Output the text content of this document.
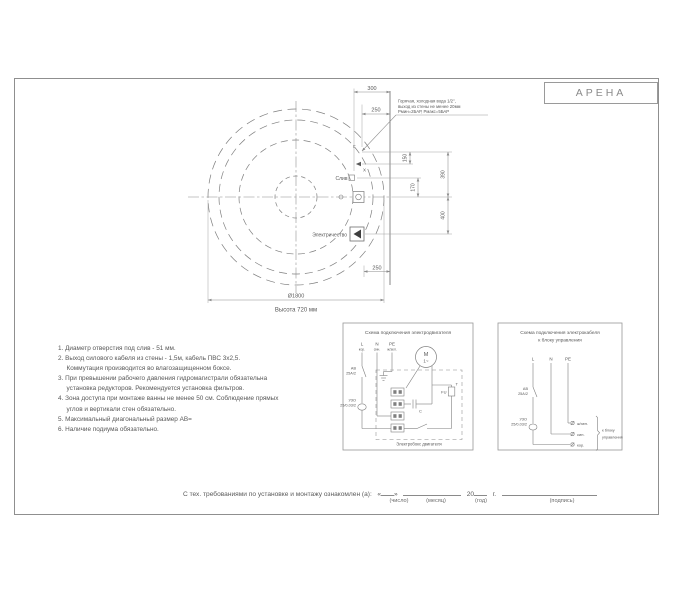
АРЕНА
300
250
150
170
390
400
250
Ø1800
Высота 720 мм
Горячая, холодная вода 1/2",
выход из стены не менее 20мм
Рмин=2БАР, Рмакс=5БАР
Г
Х
Слив
Электричество
Схема подключения электродвигателя
L	N PE
кор. син. ж/зел.
М
1~
АВ
25А/2
УЗО
25/0,03/2
С
FU
Т
Электробокс двигателя
Схема подключения электрокабеля
к блоку управления
L	N	PE
АВ
25А/2
УЗО
25/0,03/2	ж/зел.
син.
кор.
к блоку
управления
1. Диаметр отверстия под слив - 51 мм.
2. Выход силового кабеля из стены - 1,5м, кабель ПВС 3х2,5.
Коммутация производится во влагозащищенном боксе.
3. При превышении рабочего давления гидромагистрали обязательна
установка редукторов. Рекомендуется установка фильтров.
4. Зона доступа при монтаже ванны не менее 50 см. Соблюдение прямых
углов и вертикали стен обязательно.
5. Максимальный диагональный размер АВ=
6. Наличие подиума обязательно.
С тех. требованиями по установке и монтажу ознакомлен (а): « »	20	г.
(число)	(месяц)	(год)	(подпись)
